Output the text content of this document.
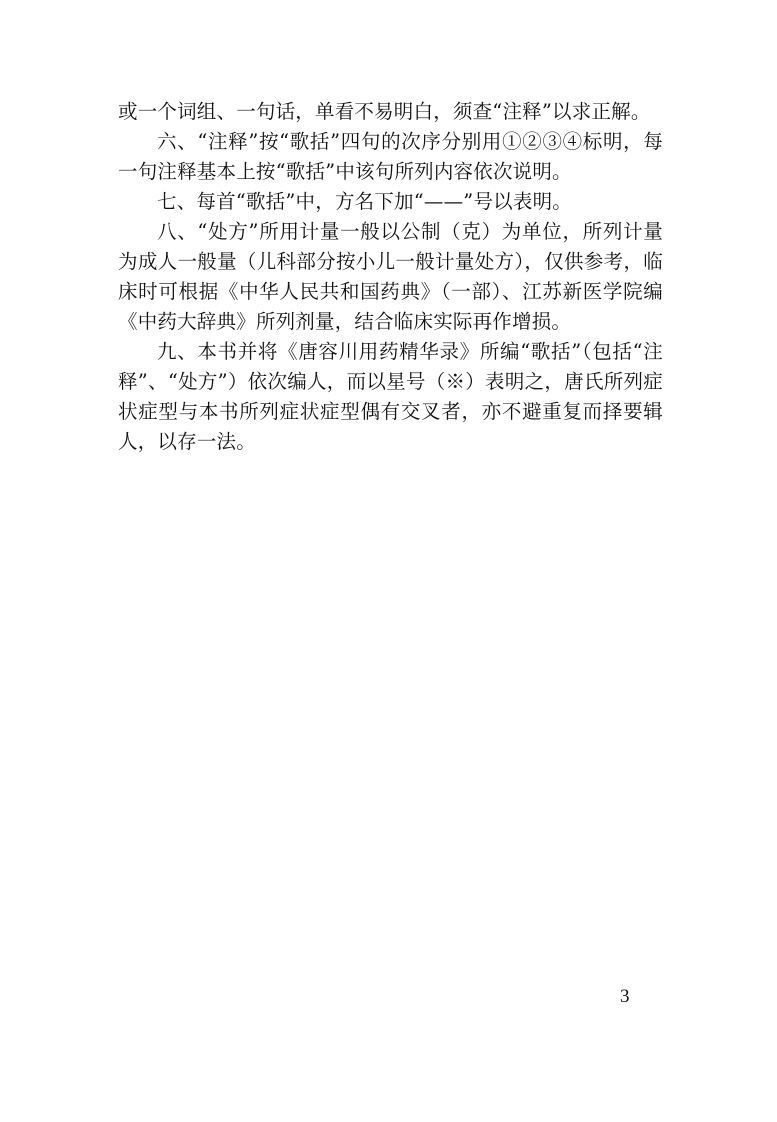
或一个词组、一句话，单看不易明白，须查“注释”以求正解。

六、“注释”按“歌括”四句的次序分别用①②③④标明，每一句注释基本上按“歌括”中该句所列内容依次说明。

七、每首“歌括”中，方名下加“——”号以表明。

八、“处方”所用计量一般以公制（克）为单位，所列计量为成人一般量（儿科部分按小儿一般计量处方），仅供参考，临床时可根据《中华人民共和国药典》（一部）、江苏新医学院编《中药大辞典》所列剂量，结合临床实际再作增损。

九、本书并将《唐容川用药精华录》所编“歌括”（包括“注释”、“处方”）依次编人，而以星号（※）表明之，唐氏所列症状症型与本书所列症状症型偶有交叉者，亦不避重复而择要辑人，以存一法。

3
